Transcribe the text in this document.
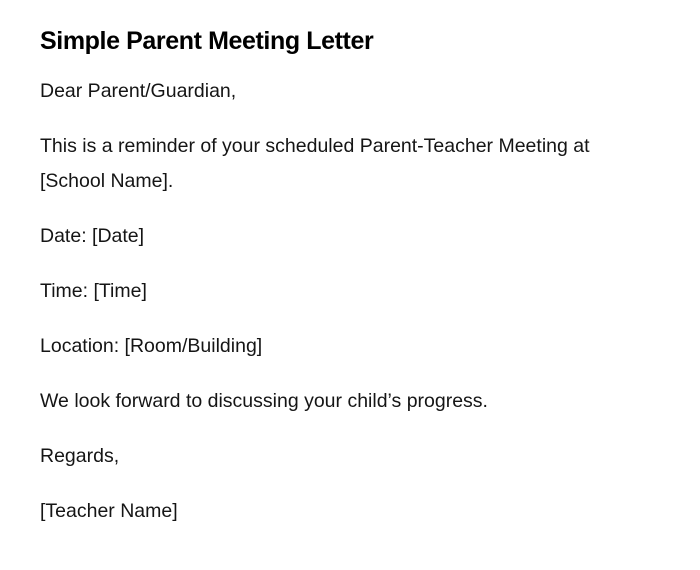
Simple Parent Meeting Letter

Dear Parent/Guardian,

This is a reminder of your scheduled Parent-Teacher Meeting at [School Name].

Date: [Date]

Time: [Time]

Location: [Room/Building]

We look forward to discussing your child’s progress.

Regards,

[Teacher Name]
